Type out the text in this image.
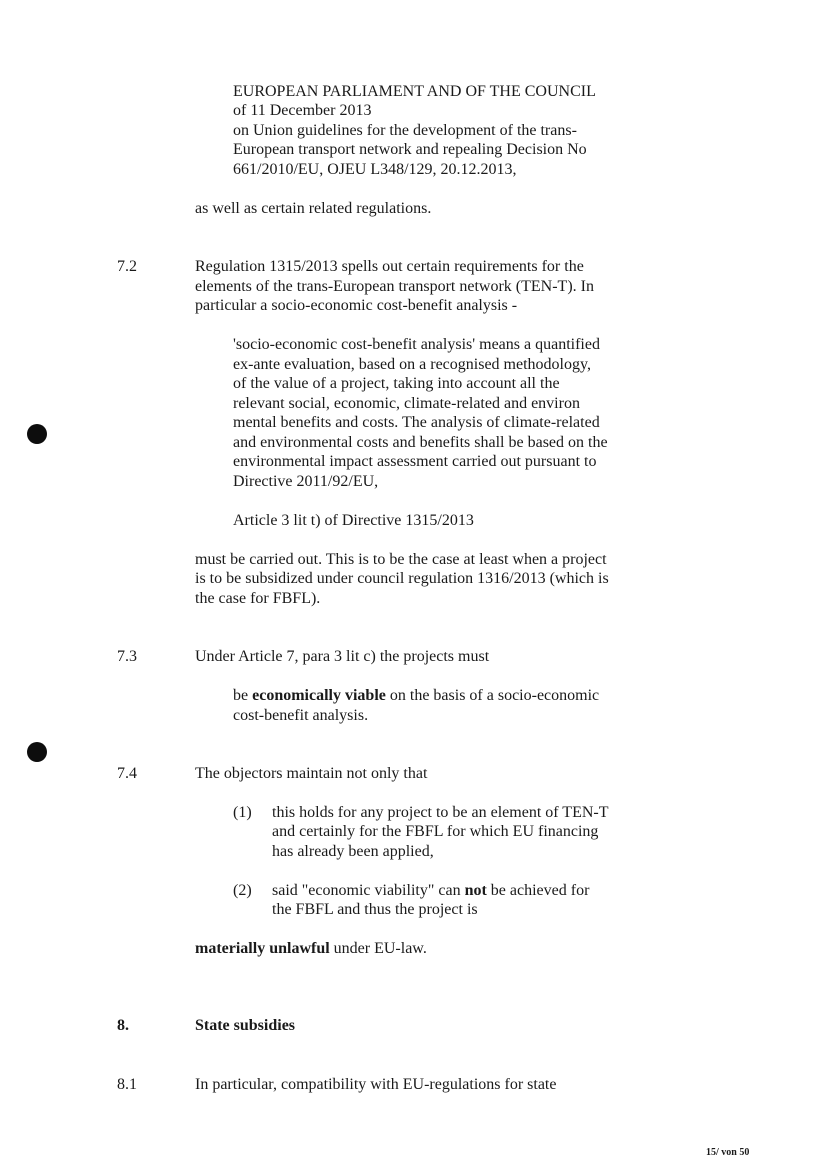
EUROPEAN PARLIAMENT AND OF THE COUNCIL
of 11 December 2013
on Union guidelines for the development of the trans-
European transport network and repealing Decision No
661/2010/EU, OJEU L348/129, 20.12.2013,
as well as certain related regulations.
7.2	Regulation 1315/2013 spells out certain requirements for the
elements of the trans-European transport network (TEN-T). In
particular a socio-economic cost-benefit analysis -
'socio-economic cost-benefit analysis' means a quantified
ex-ante evaluation, based on a recognised methodology,
of the value of a project, taking into account all the
relevant social, economic, climate-related and environ
mental benefits and costs. The analysis of climate-related
and environmental costs and benefits shall be based on the
environmental impact assessment carried out pursuant to
Directive 2011/92/EU,
Article 3 lit t) of Directive 1315/2013
must be carried out. This is to be the case at least when a project
is to be subsidized under council regulation 1316/2013 (which is
the case for FBFL).
7.3	Under Article 7, para 3 lit c) the projects must
be economically viable on the basis of a socio-economic
cost-benefit analysis.
7.4	The objectors maintain not only that
(1) this holds for any project to be an element of TEN-T
and certainly for the FBFL for which EU financing
has already been applied,
(2) said "economic viability" can not be achieved for
the FBFL and thus the project is
materially unlawful under EU-law.
8.	State subsidies
8.1	In particular, compatibility with EU-regulations for state
15/ von 50
